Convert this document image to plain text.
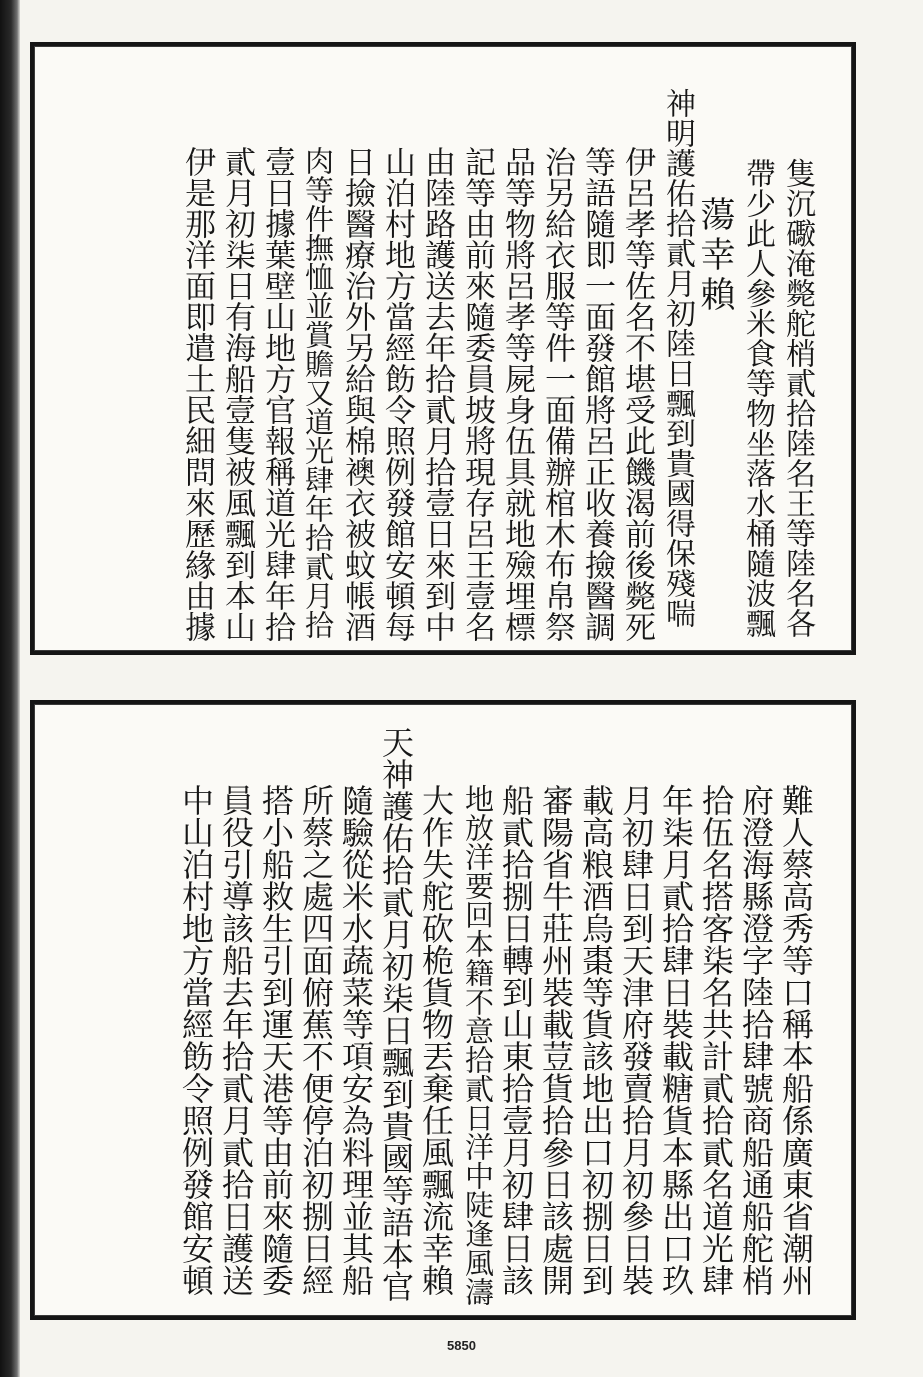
隻沉礮淹斃舵梢貳拾陸名王等陸名各
帶少此人參米食等物坐落水桶隨波飄
蕩幸賴
神明護佑拾貳月初陸日飄到貴國得保殘喘
伊呂孝等佐名不堪受此饑渴前後斃死
等語隨即一面發館將呂正收養撿醫調
治另給衣服等件一面備辦棺木布帛祭
品等物將呂孝等屍身伍具就地殮埋標
記等由前來隨委員坡將現存呂王壹名
由陸路護送去年拾貳月拾壹日來到中
山泊村地方當經飭令照例發館安頓每
日撿醫療治外另給與棉襖衣被蚊帳酒
肉等件撫恤並賞贍又道光肆年拾貳月拾
壹日據葉壁山地方官報稱道光肆年拾
貳月初柒日有海船壹隻被風飄到本山
伊是那洋面即遣土民細問來歷緣由據
難人蔡高秀等口稱本船係廣東省潮州
府澄海縣澄字陸拾肆號商船通船舵梢
拾伍名搭客柒名共計貳拾貳名道光肆
年柒月貳拾肆日裝載糖貨本縣出口玖
月初肆日到天津府發賣拾月初參日裝
載高粮酒烏棗等貨該地出口初捌日到
審陽省牛莊州裝載荳貨拾參日該處開
船貳拾捌日轉到山東拾壹月初肆日該
地放洋要回本籍不意拾貳日洋中陡逢風濤
大作失舵砍桅貨物丟棄任風飄流幸賴
天神護佑拾貳月初柒日飄到貴國等語本官
隨驗從米水蔬菜等項安為料理並其船
所蔡之處四面俯蕉不便停泊初捌日經
搭小船救生引到運天港等由前來隨委
員役引導該船去年拾貳月貳拾日護送
中山泊村地方當經飭令照例發館安頓
5850
